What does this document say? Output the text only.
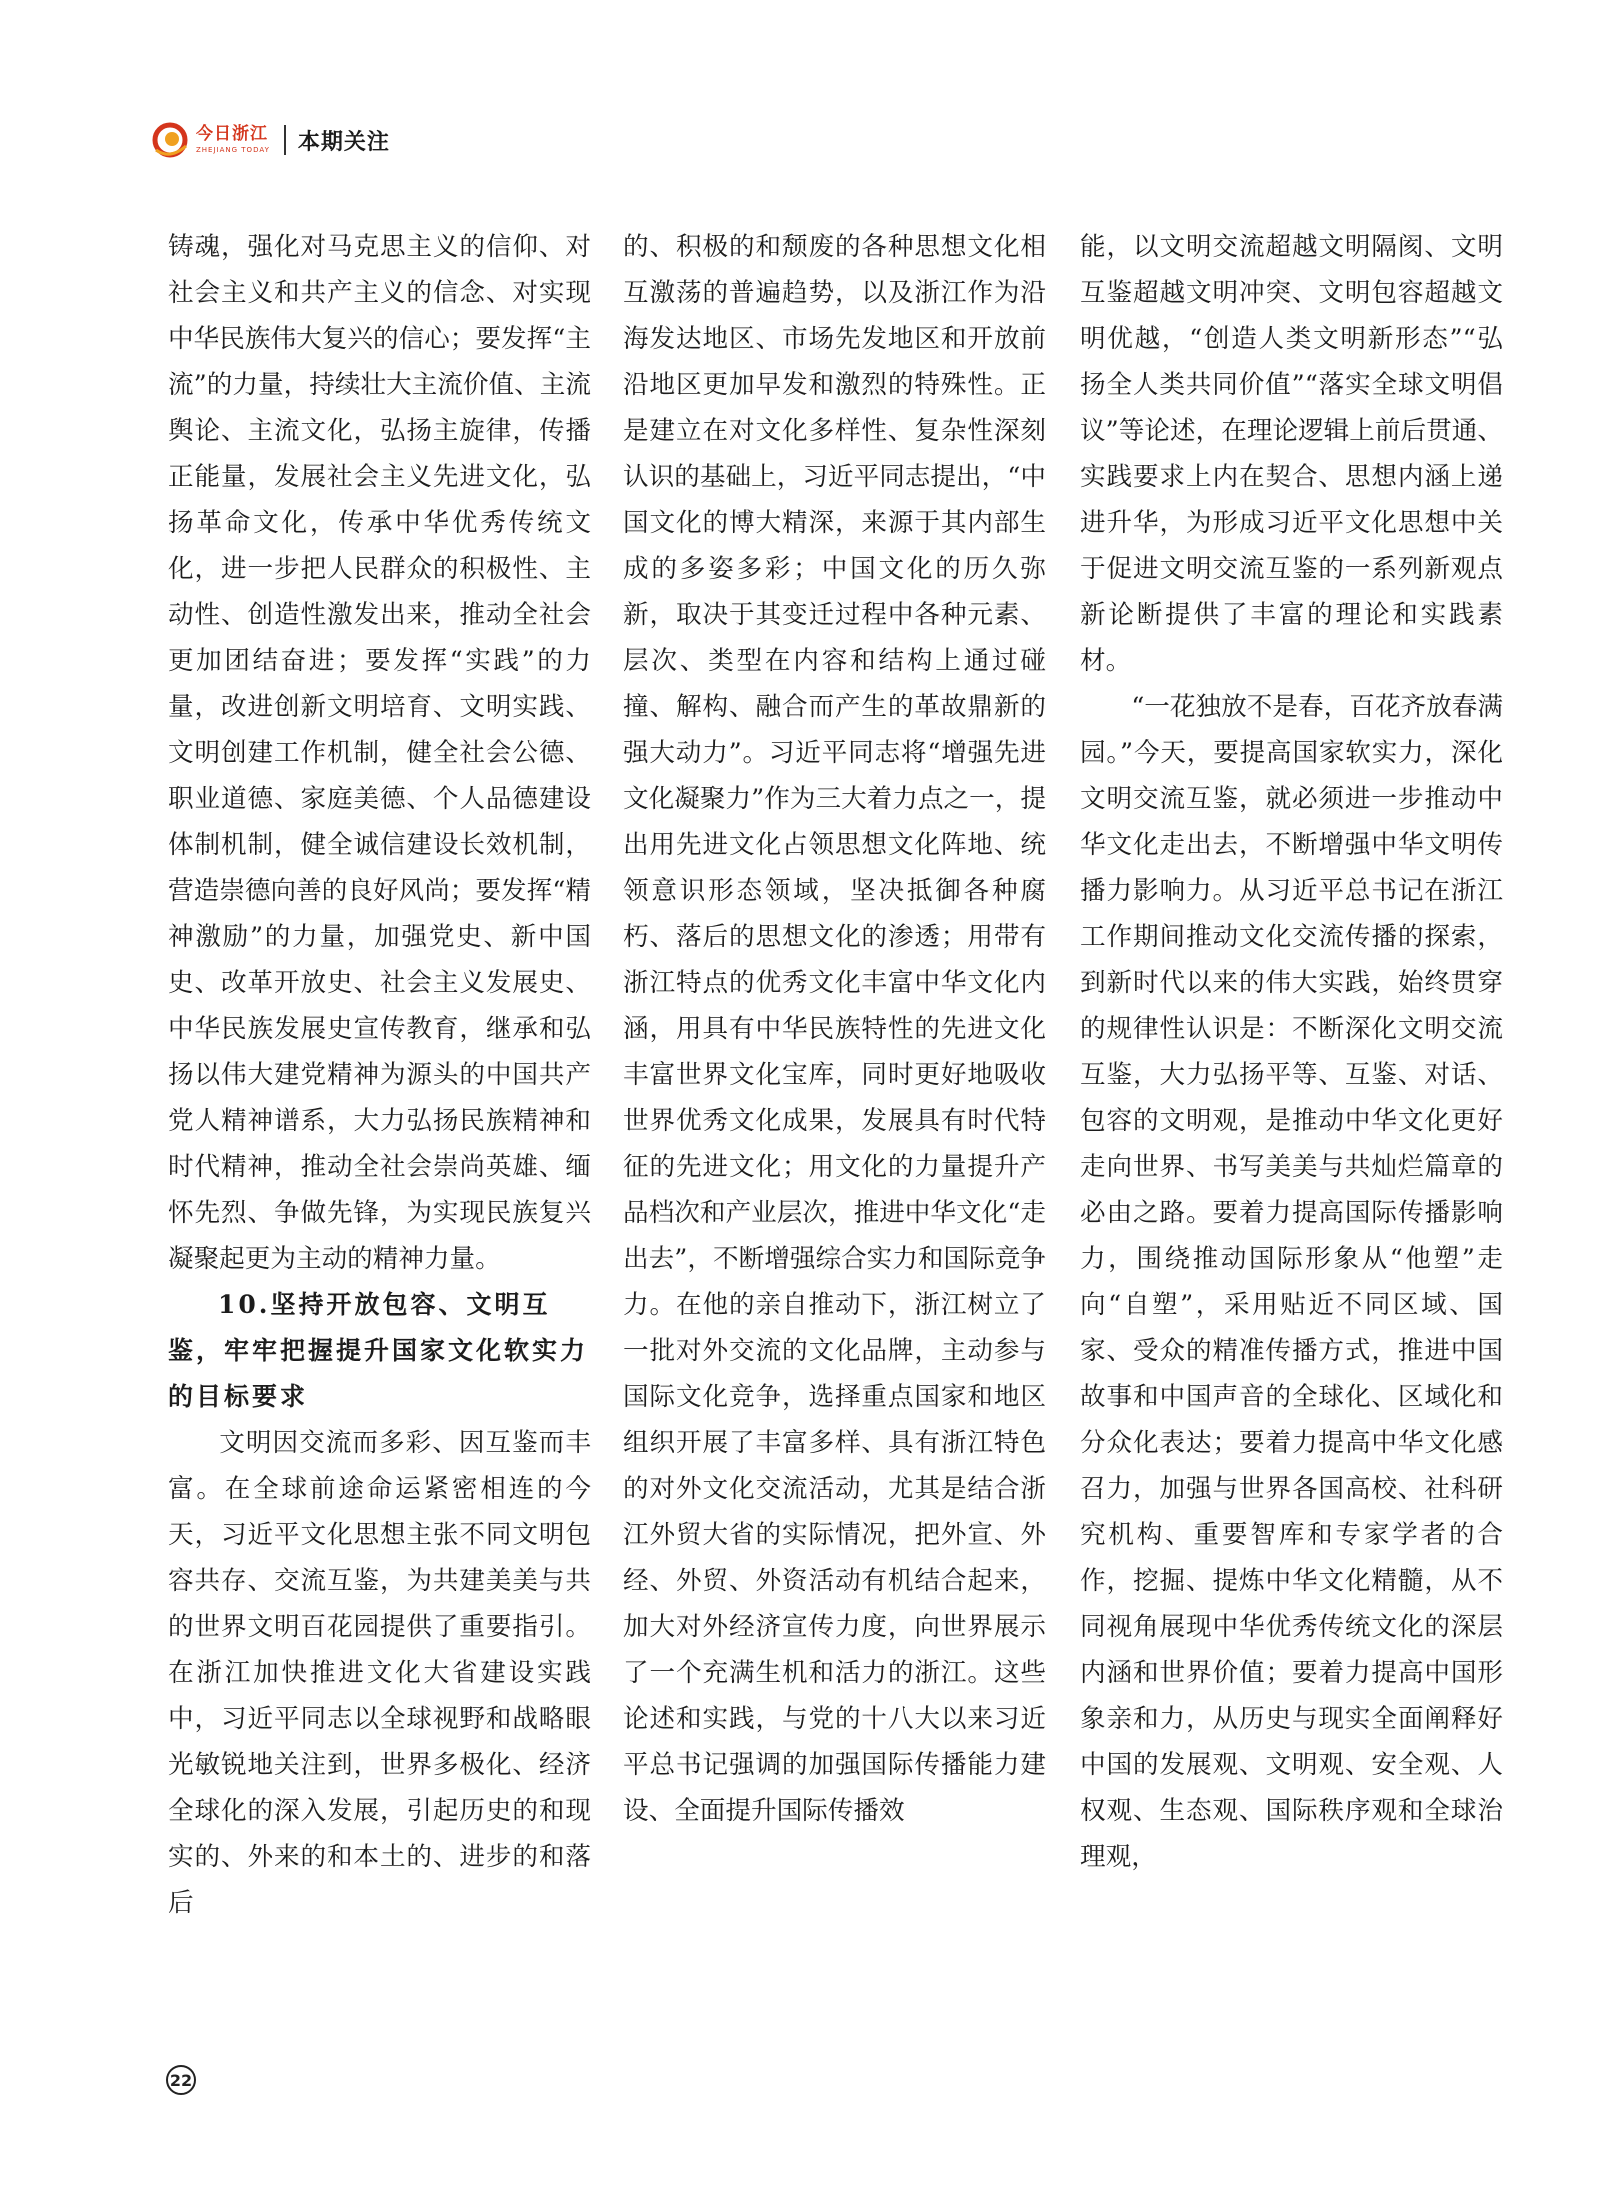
今日浙江
ZHEJIANG TODAY 本期关注

铸魂，强化对马克思主义的信仰、对社会主义和共产主义的信念、对实现中华民族伟大复兴的信心；要发挥“主流”的力量，持续壮大主流价值、主流舆论、主流文化，弘扬主旋律，传播正能量，发展社会主义先进文化，弘扬革命文化，传承中华优秀传统文化，进一步把人民群众的积极性、主动性、创造性激发出来，推动全社会更加团结奋进；要发挥“实践”的力量，改进创新文明培育、文明实践、文明创建工作机制，健全社会公德、职业道德、家庭美德、个人品德建设体制机制，健全诚信建设长效机制，营造崇德向善的良好风尚；要发挥“精神激励”的力量，加强党史、新中国史、改革开放史、社会主义发展史、中华民族发展史宣传教育，继承和弘扬以伟大建党精神为源头的中国共产党人精神谱系，大力弘扬民族精神和时代精神，推动全社会崇尚英雄、缅怀先烈、争做先锋，为实现民族复兴凝聚起更为主动的精神力量。

10.坚持开放包容、文明互鉴，牢牢把握提升国家文化软实力的目标要求

文明因交流而多彩、因互鉴而丰富。在全球前途命运紧密相连的今天，习近平文化思想主张不同文明包容共存、交流互鉴，为共建美美与共的世界文明百花园提供了重要指引。在浙江加快推进文化大省建设实践中，习近平同志以全球视野和战略眼光敏锐地关注到，世界多极化、经济全球化的深入发展，引起历史的和现实的、外来的和本土的、进步的和落后

的、积极的和颓废的各种思想文化相互激荡的普遍趋势，以及浙江作为沿海发达地区、市场先发地区和开放前沿地区更加早发和激烈的特殊性。正是建立在对文化多样性、复杂性深刻认识的基础上，习近平同志提出，“中国文化的博大精深，来源于其内部生成的多姿多彩；中国文化的历久弥新，取决于其变迁过程中各种元素、层次、类型在内容和结构上通过碰撞、解构、融合而产生的革故鼎新的强大动力”。习近平同志将“增强先进文化凝聚力”作为三大着力点之一，提出用先进文化占领思想文化阵地、统领意识形态领域，坚决抵御各种腐朽、落后的思想文化的渗透；用带有浙江特点的优秀文化丰富中华文化内涵，用具有中华民族特性的先进文化丰富世界文化宝库，同时更好地吸收世界优秀文化成果，发展具有时代特征的先进文化；用文化的力量提升产品档次和产业层次，推进中华文化“走出去”，不断增强综合实力和国际竞争力。在他的亲自推动下，浙江树立了一批对外交流的文化品牌，主动参与国际文化竞争，选择重点国家和地区组织开展了丰富多样、具有浙江特色的对外文化交流活动，尤其是结合浙江外贸大省的实际情况，把外宣、外经、外贸、外资活动有机结合起来，加大对外经济宣传力度，向世界展示了一个充满生机和活力的浙江。这些论述和实践，与党的十八大以来习近平总书记强调的加强国际传播能力建设、全面提升国际传播效

能，以文明交流超越文明隔阂、文明互鉴超越文明冲突、文明包容超越文明优越，“创造人类文明新形态”“弘扬全人类共同价值”“落实全球文明倡议”等论述，在理论逻辑上前后贯通、实践要求上内在契合、思想内涵上递进升华，为形成习近平文化思想中关于促进文明交流互鉴的一系列新观点新论断提供了丰富的理论和实践素材。

“一花独放不是春，百花齐放春满园。”今天，要提高国家软实力，深化文明交流互鉴，就必须进一步推动中华文化走出去，不断增强中华文明传播力影响力。从习近平总书记在浙江工作期间推动文化交流传播的探索，到新时代以来的伟大实践，始终贯穿的规律性认识是：不断深化文明交流互鉴，大力弘扬平等、互鉴、对话、包容的文明观，是推动中华文化更好走向世界、书写美美与共灿烂篇章的必由之路。要着力提高国际传播影响力，围绕推动国际形象从“他塑”走向“自塑”，采用贴近不同区域、国家、受众的精准传播方式，推进中国故事和中国声音的全球化、区域化和分众化表达；要着力提高中华文化感召力，加强与世界各国高校、社科研究机构、重要智库和专家学者的合作，挖掘、提炼中华文化精髓，从不同视角展现中华优秀传统文化的深层内涵和世界价值；要着力提高中国形象亲和力，从历史与现实全面阐释好中国的发展观、文明观、安全观、人权观、生态观、国际秩序观和全球治理观，

22
